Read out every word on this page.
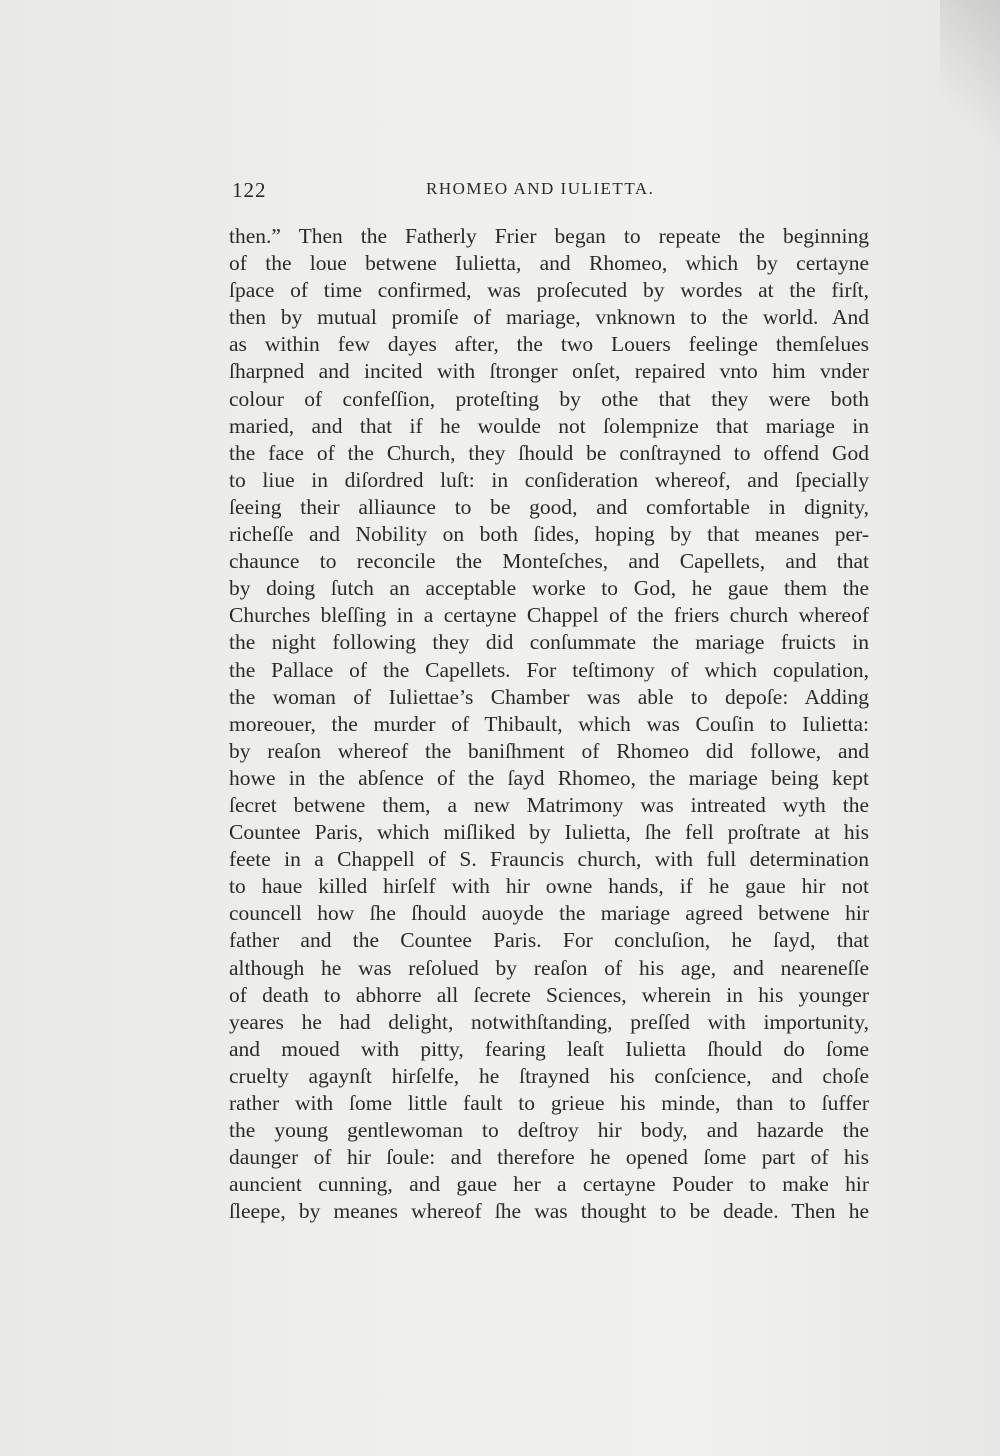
122	RHOMEO AND IULIETTA.
then.” Then the Fatherly Frier began to repeate the beginning
of the loue betwene Iulietta, and Rhomeo, which by certayne
ſpace of time confirmed, was proſecuted by wordes at the firſt,
then by mutual promiſe of mariage, vnknown to the world. And
as within few dayes after, the two Louers feelinge themſelues
ſharpned and incited with ſtronger onſet, repaired vnto him vnder
colour of confeſſion, proteſting by othe that they were both
maried, and that if he woulde not ſolempnize that mariage in
the face of the Church, they ſhould be conſtrayned to offend God
to liue in diſordred luſt: in conſideration whereof, and ſpecially
ſeeing their alliaunce to be good, and comfortable in dignity,
richeſſe and Nobility on both ſides, hoping by that meanes per-
chaunce to reconcile the Monteſches, and Capellets, and that
by doing ſutch an acceptable worke to God, he gaue them the
Churches bleſſing in a certayne Chappel of the friers church whereof
the night following they did conſummate the mariage fruicts in
the Pallace of the Capellets. For teſtimony of which copulation,
the woman of Iuliettae’s Chamber was able to depoſe: Adding
moreouer, the murder of Thibault, which was Couſin to Iulietta:
by reaſon whereof the baniſhment of Rhomeo did followe, and
howe in the abſence of the ſayd Rhomeo, the mariage being kept
ſecret betwene them, a new Matrimony was intreated wyth the
Countee Paris, which miſliked by Iulietta, ſhe fell proſtrate at his
feete in a Chappell of S. Frauncis church, with full determination
to haue killed hirſelf with hir owne hands, if he gaue hir not
councell how ſhe ſhould auoyde the mariage agreed betwene hir
father and the Countee Paris. For concluſion, he ſayd, that
although he was reſolued by reaſon of his age, and neareneſſe
of death to abhorre all ſecrete Sciences, wherein in his younger
yeares he had delight, notwithſtanding, preſſed with importunity,
and moued with pitty, fearing leaſt Iulietta ſhould do ſome
cruelty agaynſt hirſelfe, he ſtrayned his conſcience, and choſe
rather with ſome little fault to grieue his minde, than to ſuffer
the young gentlewoman to deſtroy hir body, and hazarde the
daunger of hir ſoule: and therefore he opened ſome part of his
auncient cunning, and gaue her a certayne Pouder to make hir
ſleepe, by meanes whereof ſhe was thought to be deade. Then he
